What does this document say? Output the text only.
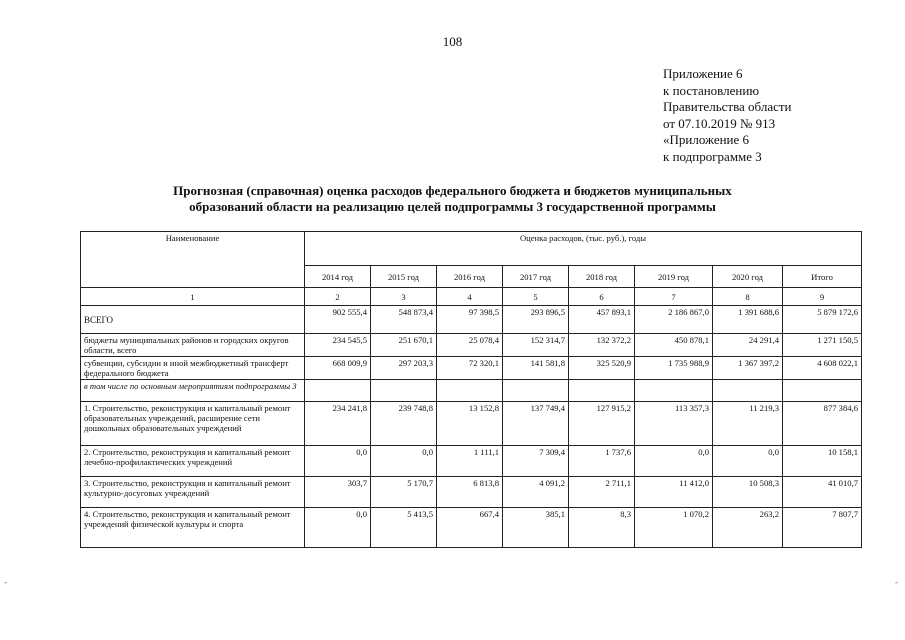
108
Приложение 6
к постановлению
Правительства области
от 07.10.2019 № 913
«Приложение 6
к подпрограмме 3
Прогнозная (справочная) оценка расходов федерального бюджета и бюджетов муниципальных
образований области на реализацию целей подпрограммы 3 государственной программы
Наименование	Оценка расходов, (тыс. руб.), годы							
	2014 год	2015 год	2016 год	2017 год	2018 год	2019 год	2020 год	Итого
1	2	3	4	5	6	7	8	9
ВСЕГО	902 555,4	548 873,4	97 398,5	293 896,5	457 893,1	2 186 867,0	1 391 688,6	5 879 172,6
бюджеты муниципальных районов и городских округов области, всего	234 545,5	251 670,1	25 078,4	152 314,7	132 372,2	450 878,1	24 291,4	1 271 150,5
субвенции, субсидии и иной межбюджетный трансферт федерального бюджета	668 009,9	297 203,3	72 320,1	141 581,8	325 520,9	1 735 988,9	1 367 397,2	4 608 022,1
в том числе по основным мероприятиям подпрограммы 3								
1. Строительство, реконструкция и капитальный ремонт образовательных учреждений, расширение сети дошкольных образовательных учреждений	234 241,8	239 748,8	13 152,8	137 749,4	127 915,2	113 357,3	11 219,3	877 384,6
2. Строительство, реконструкция и капитальный ремонт лечебно-профилактических учреждений	0,0	0,0	1 111,1	7 309,4	1 737,6	0,0	0,0	10 158,1
3. Строительство, реконструкция и капитальный ремонт культурно-досуговых учреждений	303,7	5 170,7	6 813,8	4 091,2	2 711,1	11 412,0	10 508,3	41 010,7
4. Строительство, реконструкция и капитальный ремонт учреждений физической культуры и спорта	0,0	5 413,5	667,4	385,1	8,3	1 070,2	263,2	7 807,7
-	-
